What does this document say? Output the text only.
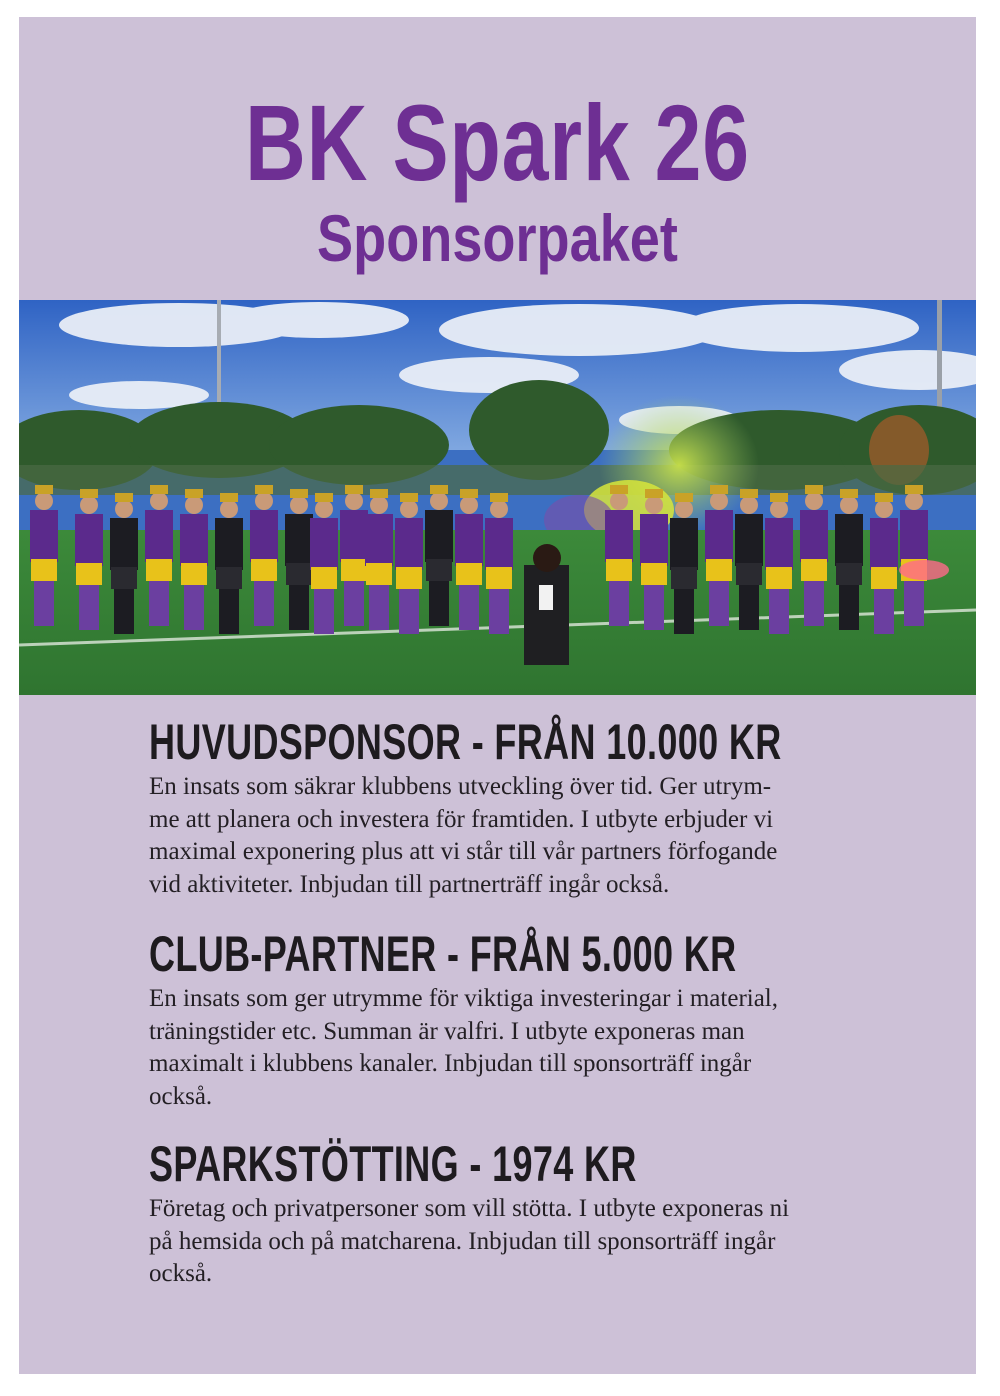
BK Spark 26
Sponsorpaket
HUVUDSPONSOR - FRÅN 10.000 KR

En insats som säkrar klubbens utveckling över tid. Ger utrym-
me att planera och investera för framtiden. I utbyte erbjuder vi
maximal exponering plus att vi står till vår partners förfogande
vid aktiviteter. Inbjudan till partnerträff ingår också.

CLUB-PARTNER - FRÅN 5.000 KR

En insats som ger utrymme för viktiga investeringar i material,
träningstider etc. Summan är valfri. I utbyte exponeras man
maximalt i klubbens kanaler. Inbjudan till sponsorträff ingår
också.

SPARKSTÖTTING - 1974 KR

Företag och privatpersoner som vill stötta. I utbyte exponeras ni
på hemsida och på matcharena. Inbjudan till sponsorträff ingår
också.
